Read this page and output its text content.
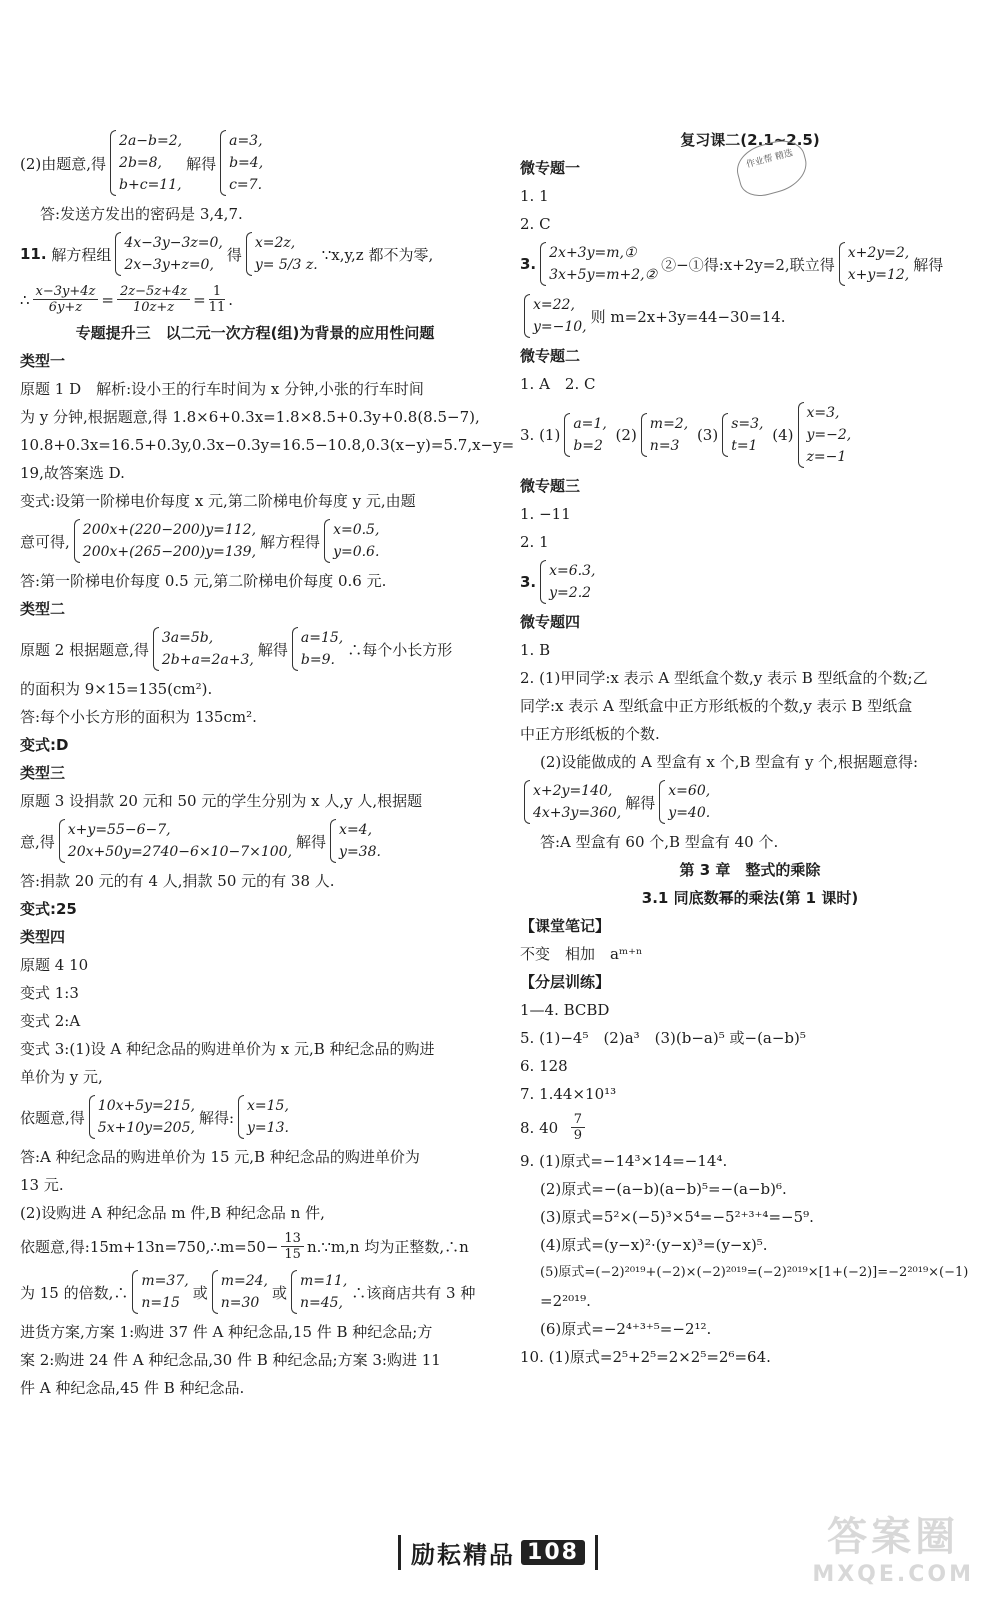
(2)由题意,得
2a−b=2,
2b=8,
b+c=11,
解得
a=3,
b=4,
c=7.
答:发送方发出的密码是 3,4,7.
11.
解方程组
4x−3y−3z=0,
2x−3y+z=0,
得
x=2z,
y= 5/3 z.
∵x,y,z 都不为零,
∴ $\frac{x-3y+4z}{6y+z} = \frac{2z-5z+4z}{10z+z} = \frac{1}{11}$ .
专题提升三　以二元一次方程(组)为背景的应用性问题
类型一
原题 1 D　解析:设小王的行车时间为 x 分钟,小张的行车时间
为 y 分钟,根据题意,得 1.8×6+0.3x=1.8×8.5+0.3y+0.8(8.5−7),
10.8+0.3x=16.5+0.3y,0.3x−0.3y=16.5−10.8,0.3(x−y)=5.7,x−y=
19,故答案选 D.
变式:设第一阶梯电价每度 x 元,第二阶梯电价每度 y 元,由题
意可得,
200x+(220−200)y=112,
200x+(265−200)y=139,
解方程得
x=0.5,
y=0.6.
答:第一阶梯电价每度 0.5 元,第二阶梯电价每度 0.6 元.
类型二
原题 2 根据题意,得
3a=5b,
2b+a=2a+3,
解得
a=15,
b=9.
∴每个小长方形
的面积为 9×15=135(cm²).
答:每个小长方形的面积为 135cm².
变式:D
类型三
原题 3 设捐款 20 元和 50 元的学生分别为 x 人,y 人,根据题
意,得
x+y=55−6−7,
20x+50y=2740−6×10−7×100,
解得
x=4,
y=38.
答:捐款 20 元的有 4 人,捐款 50 元的有 38 人.
变式:25
类型四
原题 4 10
变式 1:3
变式 2:A
变式 3:(1)设 A 种纪念品的购进单价为 x 元,B 种纪念品的购进
单价为 y 元,
依题意,得
10x+5y=215,
5x+10y=205,
解得:
x=15,
y=13.
答:A 种纪念品的购进单价为 15 元,B 种纪念品的购进单价为
13 元.
(2)设购进 A 种纪念品 m 件,B 种纪念品 n 件,
依题意,得:15m+13n=750,∴m=50− $\frac{13}{15}$ n.∵m,n 均为正整数,∴n
为 15 的倍数,∴
m=37,
n=15
或
m=24,
n=30
或
m=11,
n=45,
∴该商店共有 3 种
进货方案,方案 1:购进 37 件 A 种纪念品,15 件 B 种纪念品;方
案 2:购进 24 件 A 种纪念品,30 件 B 种纪念品;方案 3:购进 11
件 A 种纪念品,45 件 B 种纪念品.
复习课二(2.1~2.5)
微专题一
1. 1
2. C
3.
2x+3y=m,①
3x+5y=m+2,②
②−①得:x+2y=2,联立得
x+2y=2,
x+y=12,
解得
x=22,
y=−10,
则 m=2x+3y=44−30=14.
微专题二
1. A　2. C
3. (1)
a=1,
b=2

(2)
m=2,
n=3

(3)
s=3,
t=1

(4)
x=3,
y=−2,
z=−1
微专题三
1. −11
2. 1
3.
x=6.3,
y=2.2
微专题四
1. B
2. (1)甲同学:x 表示 A 型纸盒个数,y 表示 B 型纸盒的个数;乙
同学:x 表示 A 型纸盒中正方形纸板的个数,y 表示 B 型纸盒
中正方形纸板的个数.
(2)设能做成的 A 型盒有 x 个,B 型盒有 y 个,根据题意得:
x+2y=140,
4x+3y=360,
解得
x=60,
y=40.
答:A 型盒有 60 个,B 型盒有 40 个.
第 3 章　整式的乘除
3.1 同底数幂的乘法(第 1 课时)
【课堂笔记】
不变　相加　aᵐ⁺ⁿ
【分层训练】
1—4. BCBD
5. (1)−4⁵　(2)a³　(3)(b−a)⁵ 或−(a−b)⁵
6. 128
7. 1.44×10¹³
8. 40
$\frac{7}{9}$
9. (1)原式=−14³×14=−14⁴.
(2)原式=−(a−b)(a−b)⁵=−(a−b)⁶.
(3)原式=5²×(−5)³×5⁴=−5²⁺³⁺⁴=−5⁹.
(4)原式=(y−x)²·(y−x)³=(y−x)⁵.
(5)原式=(−2)²⁰¹⁹+(−2)×(−2)²⁰¹⁹=(−2)²⁰¹⁹×[1+(−2)]=−2²⁰¹⁹×(−1)
=2²⁰¹⁹.
(6)原式=−2⁴⁺³⁺⁵=−2¹².
10. (1)原式=2⁵+2⁵=2×2⁵=2⁶=64.
作业帮 精选
励耘精品 108	答案圈
MXQE.COM
